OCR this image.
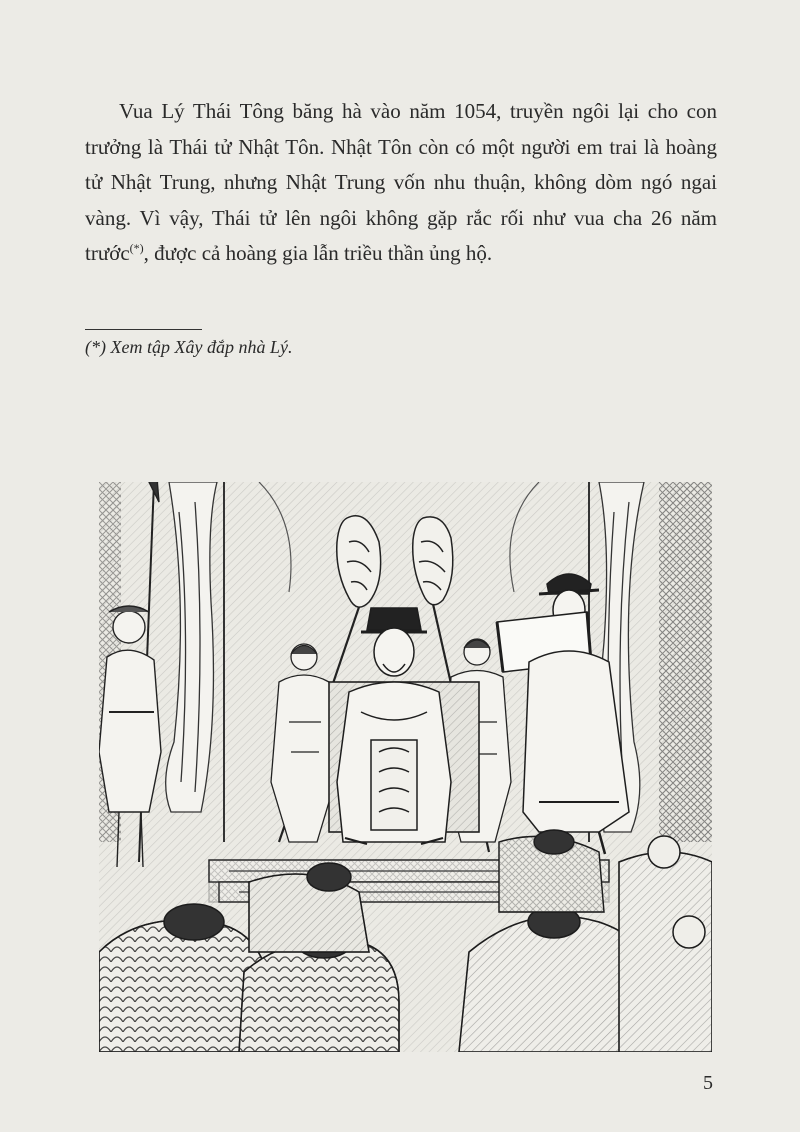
Vua Lý Thái Tông băng hà vào năm 1054, truyền ngôi lại cho con trưởng là Thái tử Nhật Tôn. Nhật Tôn còn có một người em trai là hoàng tử Nhật Trung, nhưng Nhật Trung vốn nhu thuận, không dòm ngó ngai vàng. Vì vậy, Thái tử lên ngôi không gặp rắc rối như vua cha 26 năm trước(*), được cả hoàng gia lẫn triều thần ủng hộ.

(*) Xem tập Xây đắp nhà Lý.

5
